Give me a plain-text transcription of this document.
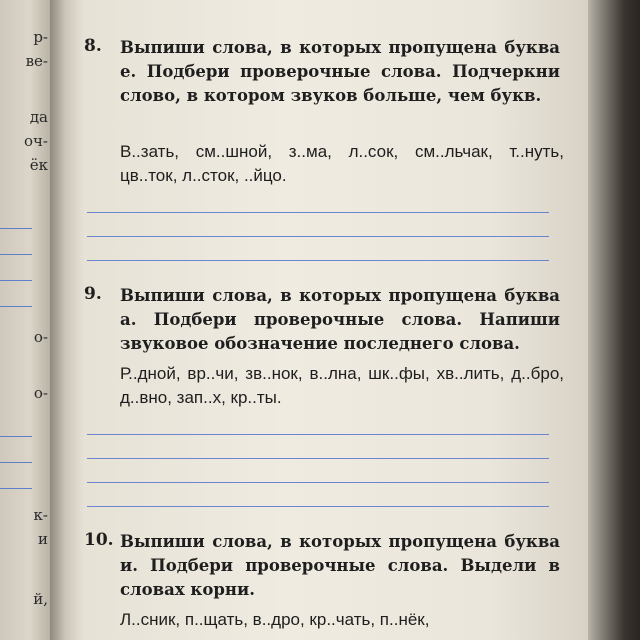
р-
ве-
да
оч-
ёк
о-
о-
к-
и
й,
8. Выпиши слова, в которых пропущена буква е. Подбери проверочные слова. Подчеркни слово, в котором звуков больше, чем букв.

В..зать, см..шной, з..ма, л..сок, см..льчак, т..нуть, цв..ток, л..сток, ..йцо.

9. Выпиши слова, в которых пропущена буква а. Подбери проверочные слова. Напиши звуковое обозначение последнего слова.

Р..дной, вр..чи, зв..нок, в..лна, шк..фы, хв..лить, д..бро, д..вно, зап..х, кр..ты.

10. Выпиши слова, в которых пропущена буква и. Подбери проверочные слова. Выдели в словах корни.

Л..сник, п..щать, в..дро, кр..чать, п..нёк,
